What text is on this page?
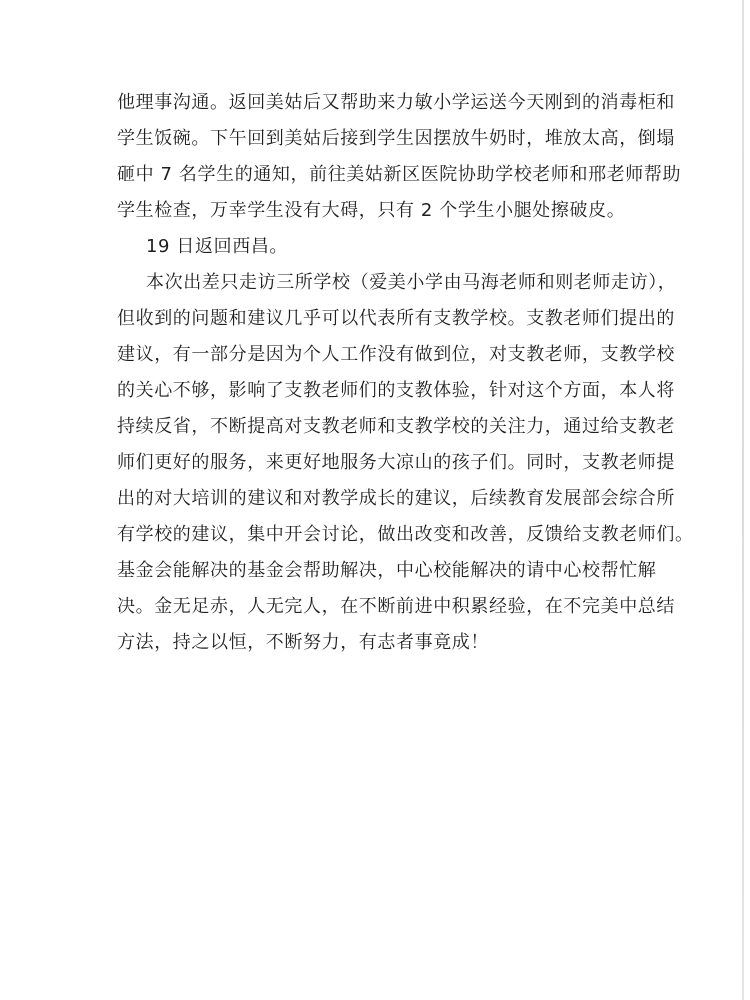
他理事沟通。返回美姑后又帮助来力敏小学运送今天刚到的消毒柜和
学生饭碗。下午回到美姑后接到学生因摆放牛奶时，堆放太高，倒塌
砸中 7 名学生的通知，前往美姑新区医院协助学校老师和邢老师帮助
学生检查，万幸学生没有大碍，只有 2 个学生小腿处擦破皮。
19 日返回西昌。
本次出差只走访三所学校（爱美小学由马海老师和则老师走访），
但收到的问题和建议几乎可以代表所有支教学校。支教老师们提出的
建议，有一部分是因为个人工作没有做到位，对支教老师，支教学校
的关心不够，影响了支教老师们的支教体验，针对这个方面，本人将
持续反省，不断提高对支教老师和支教学校的关注力，通过给支教老
师们更好的服务，来更好地服务大凉山的孩子们。同时，支教老师提
出的对大培训的建议和对教学成长的建议，后续教育发展部会综合所
有学校的建议，集中开会讨论，做出改变和改善，反馈给支教老师们。
基金会能解决的基金会帮助解决，中心校能解决的请中心校帮忙解
决。金无足赤，人无完人，在不断前进中积累经验，在不完美中总结
方法，持之以恒，不断努力，有志者事竟成！
